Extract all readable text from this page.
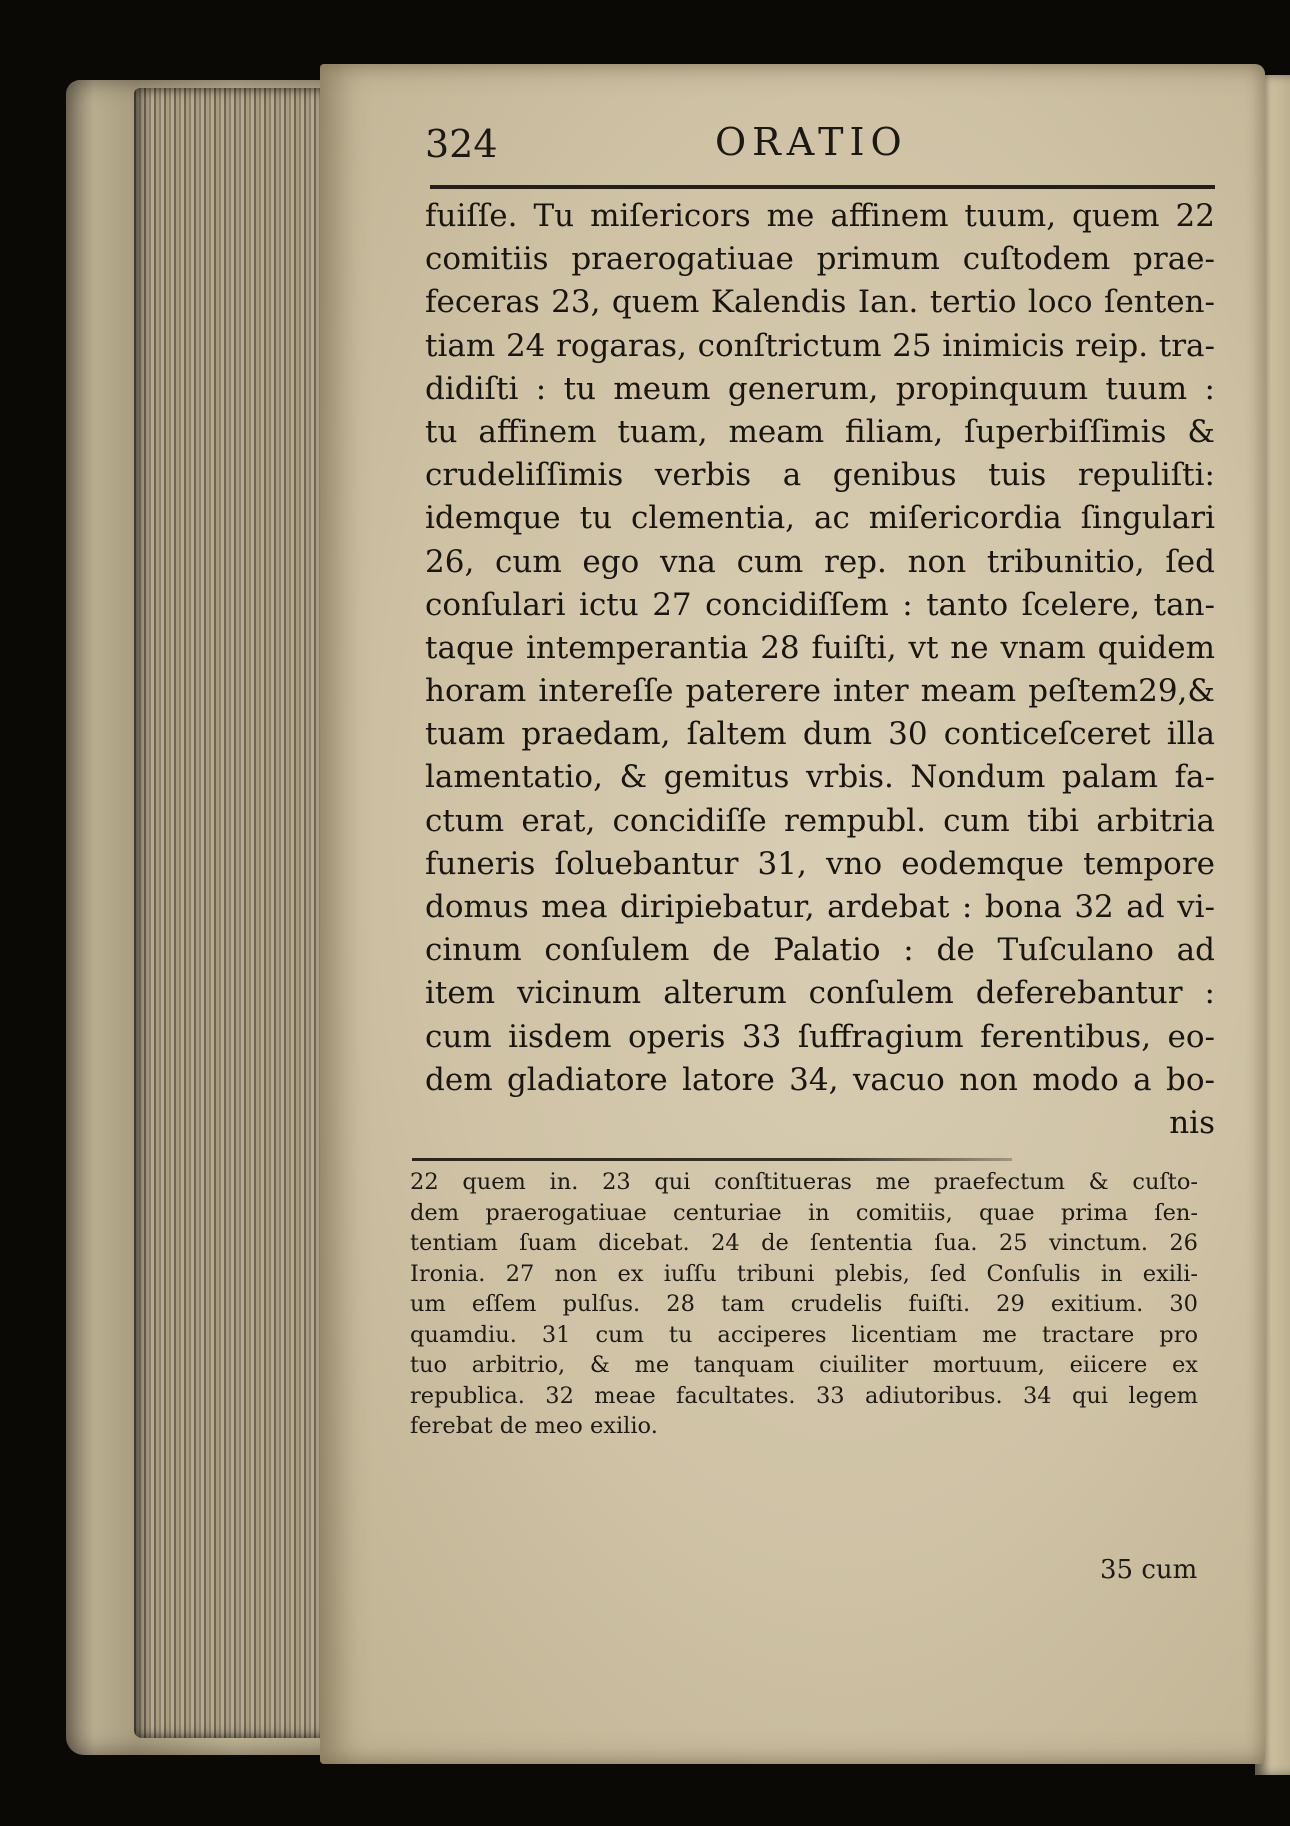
324	ORATIO
fuiſſe. Tu miſericors me affinem tuum, quem 22
comitiis praerogatiuae primum cuſtodem prae-
feceras 23, quem Kalendis Ian. tertio loco ſenten-
tiam 24 rogaras, conſtrictum 25 inimicis reip. tra-
didiſti : tu meum generum, propinquum tuum :
tu affinem tuam, meam filiam, ſuperbiſſimis &
crudeliſſimis verbis a genibus tuis repuliſti:
idemque tu clementia, ac miſericordia ſingulari
26, cum ego vna cum rep. non tribunitio, ſed
conſulari ictu 27 concidiſſem : tanto ſcelere, tan-
taque intemperantia 28 fuiſti, vt ne vnam quidem
horam intereſſe paterere inter meam peſtem29,&
tuam praedam, ſaltem dum 30 conticeſceret illa
lamentatio, & gemitus vrbis. Nondum palam fa-
ctum erat, concidiſſe rempubl. cum tibi arbitria
funeris ſoluebantur 31, vno eodemque tempore
domus mea diripiebatur, ardebat : bona 32 ad vi-
cinum conſulem de Palatio : de Tuſculano ad
item vicinum alterum conſulem deferebantur :
cum iisdem operis 33 ſuffragium ferentibus, eo-
dem gladiatore latore 34, vacuo non modo a bo-
nis
22 quem in. 23 qui conſtitueras me praefectum & cuſto-
dem praerogatiuae centuriae in comitiis, quae prima ſen-
tentiam ſuam dicebat. 24 de ſententia ſua. 25 vinctum. 26
Ironia. 27 non ex iuſſu tribuni plebis, ſed Conſulis in exili-
um eſſem pulſus. 28 tam crudelis fuiſti. 29 exitium. 30
quamdiu. 31 cum tu acciperes licentiam me tractare pro
tuo arbitrio, & me tanquam ciuiliter mortuum, eiicere ex
republica. 32 meae facultates. 33 adiutoribus. 34 qui legem
ferebat de meo exilio.
35 cum
